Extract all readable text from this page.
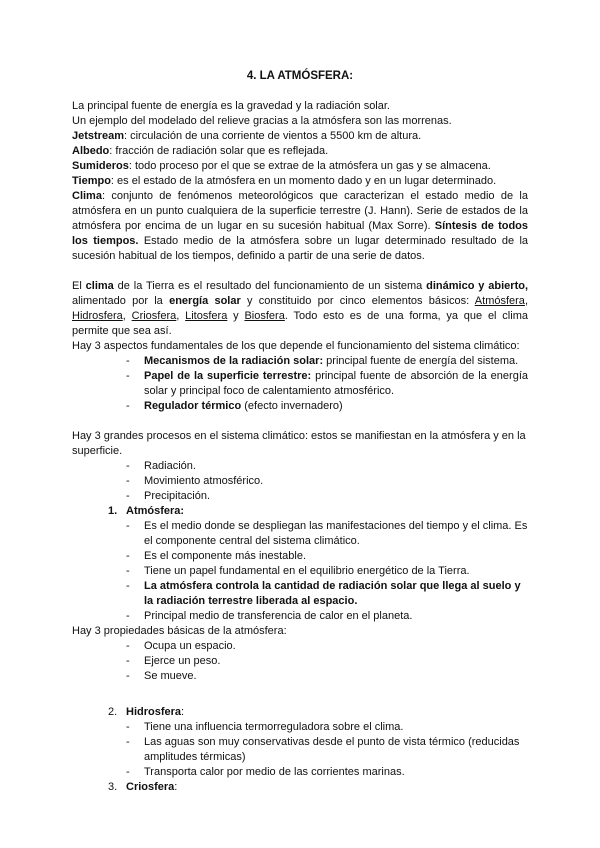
4. LA ATMÓSFERA:

La principal fuente de energía es la gravedad y la radiación solar.

Un ejemplo del modelado del relieve gracias a la atmósfera son las morrenas.

Jetstream: circulación de una corriente de vientos a 5500 km de altura.

Albedo: fracción de radiación solar que es reflejada.

Sumideros: todo proceso por el que se extrae de la atmósfera un gas y se almacena.

Tiempo: es el estado de la atmósfera en un momento dado y en un lugar determinado.

Clima: conjunto de fenómenos meteorológicos que caracterizan el estado medio de la atmósfera en un punto cualquiera de la superficie terrestre (J. Hann). Serie de estados de la atmósfera por encima de un lugar en su sucesión habitual (Max Sorre). Síntesis de todos los tiempos. Estado medio de la atmósfera sobre un lugar determinado resultado de la sucesión habitual de los tiempos, definido a partir de una serie de datos.

El clima de la Tierra es el resultado del funcionamiento de un sistema dinámico y abierto, alimentado por la energía solar y constituido por cinco elementos básicos: Atmósfera, Hidrosfera, Criosfera, Litosfera y Biosfera. Todo esto es de una forma, ya que el clima permite que sea así.

Hay 3 aspectos fundamentales de los que depende el funcionamiento del sistema climático:

- Mecanismos de la radiación solar: principal fuente de energía del sistema.
- Papel de la superficie terrestre: principal fuente de absorción de la energía solar y principal foco de calentamiento atmosférico.
- Regulador térmico (efecto invernadero)

Hay 3 grandes procesos en el sistema climático: estos se manifiestan en la atmósfera y en la superficie.

- Radiación.
- Movimiento atmosférico.
- Precipitación.
1. Atmósfera:
- Es el medio donde se despliegan las manifestaciones del tiempo y el clima. Es el componente central del sistema climático.
- Es el componente más inestable.
- Tiene un papel fundamental en el equilibrio energético de la Tierra.
- La atmósfera controla la cantidad de radiación solar que llega al suelo y la radiación terrestre liberada al espacio.
- Principal medio de transferencia de calor en el planeta.

Hay 3 propiedades básicas de la atmósfera:

- Ocupa un espacio.
- Ejerce un peso.
- Se mueve.
2. Hidrosfera:
- Tiene una influencia termorreguladora sobre el clima.
- Las aguas son muy conservativas desde el punto de vista térmico (reducidas amplitudes térmicas)
- Transporta calor por medio de las corrientes marinas.
3. Criosfera:
